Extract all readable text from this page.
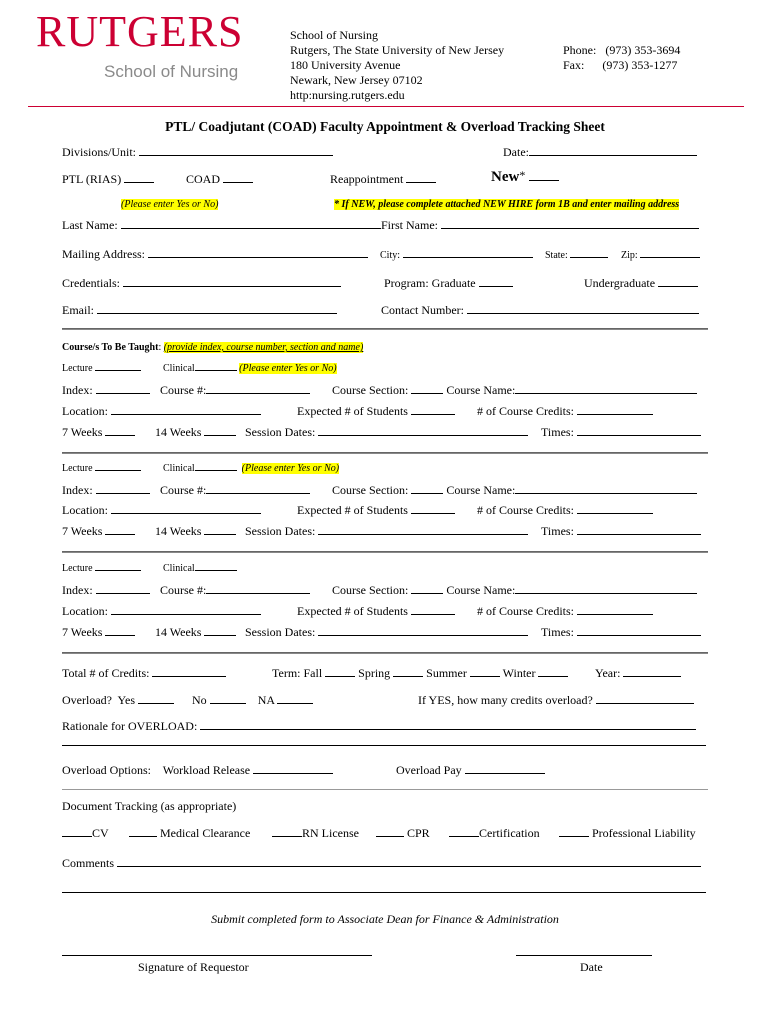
RUTGERS
School of Nursing
School of Nursing
Rutgers, The State University of New Jersey
180 University Avenue
Newark, New Jersey 07102
http:nursing.rutgers.edu
Phone:   (973) 353-3694
Fax:      (973) 353-1277
PTL/ Coadjutant (COAD) Faculty Appointment & Overload Tracking Sheet
Divisions/Unit:	Date:
PTL (RIAS)	COAD	Reappointment	New*
(Please enter Yes or No)	* If NEW, please complete attached NEW HIRE form 1B and enter mailing address
Last Name:	First Name:
Mailing Address:	City:	State:	Zip:
Credentials:	Program: Graduate	Undergraduate
Email:	Contact Number:
Course/s To Be Taught: (provide index, course number, section and name)
Lecture	Clinical	(Please enter Yes or No)
Index:	Course #:	Course Section:	Course Name:
Location:	Expected # of Students	# of Course Credits:
7 Weeks	14 Weeks	Session Dates:	Times:
Lecture	Clinical	(Please enter Yes or No)
Index:	Course #:	Course Section:	Course Name:
Location:	Expected # of Students	# of Course Credits:
7 Weeks	14 Weeks	Session Dates:	Times:
Lecture	Clinical
Index:	Course #:	Course Section:	Course Name:
Location:	Expected # of Students	# of Course Credits:
7 Weeks	14 Weeks	Session Dates:	Times:
Total # of Credits:	Term: Fall	Spring	Summer	Winter	Year:
Overload? Yes	No	NA	If YES, how many credits overload?
Rationale for OVERLOAD:
Overload Options: Workload Release	Overload Pay
Document Tracking (as appropriate)
CV	Medical Clearance	RN License	CPR	Certification	Professional Liability
Comments
Submit completed form to Associate Dean for Finance & Administration
Signature of Requestor	Date
